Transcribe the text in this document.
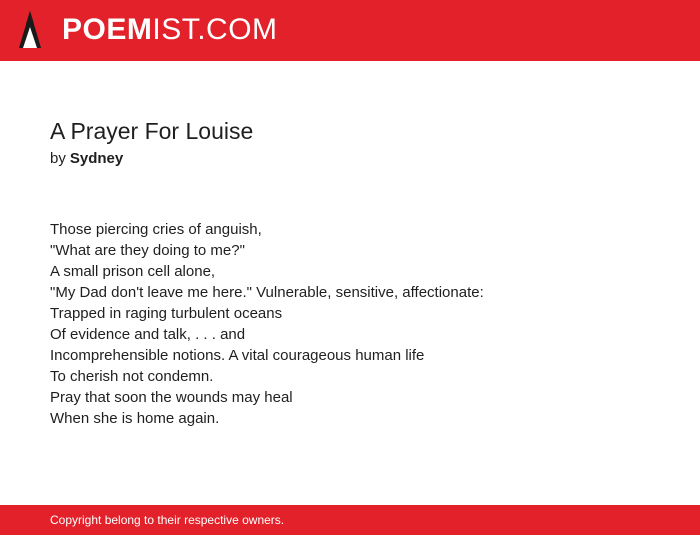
POEMIST.COM
A Prayer For Louise
by Sydney
Those piercing cries of anguish,
"What are they doing to me?"
A small prison cell alone,
"My Dad don't leave me here." Vulnerable, sensitive, affectionate:
Trapped in raging turbulent oceans
Of evidence and talk, . . . and
Incomprehensible notions. A vital courageous human life
To cherish not condemn.
Pray that soon the wounds may heal
When she is home again.
Copyright belong to their respective owners.
